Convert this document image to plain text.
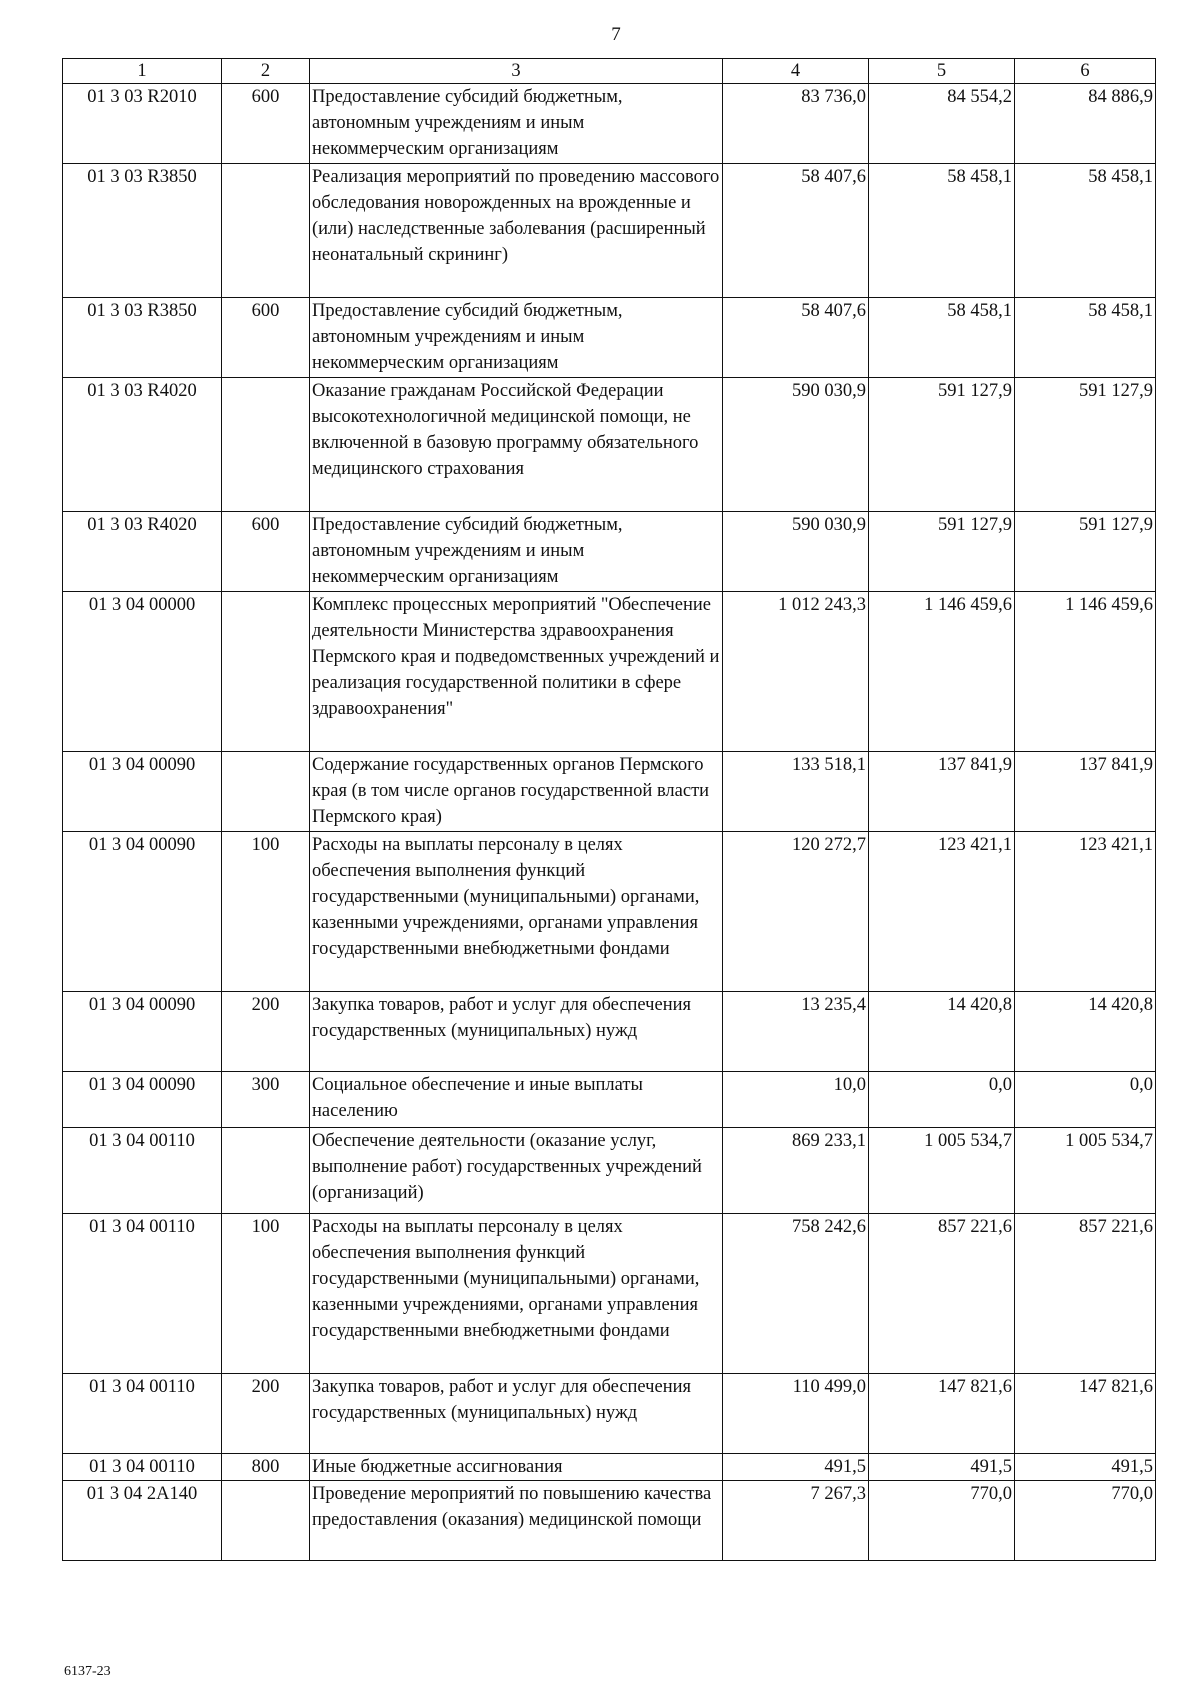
7
1	2	3	4	5	6
01 3 03 R2010	600	Предоставление субсидий бюджетным, автономным учреждениям и иным некоммерческим организациям	83 736,0	84 554,2	84 886,9
01 3 03 R3850		Реализация мероприятий по проведению массового обследования новорожденных на врожденные и (или) наследственные заболевания (расширенный неонатальный скрининг)	58 407,6	58 458,1	58 458,1
01 3 03 R3850	600	Предоставление субсидий бюджетным, автономным учреждениям и иным некоммерческим организациям	58 407,6	58 458,1	58 458,1
01 3 03 R4020		Оказание гражданам Российской Федерации высокотехнологичной медицинской помощи, не включенной в базовую программу обязательного медицинского страхования	590 030,9	591 127,9	591 127,9
01 3 03 R4020	600	Предоставление субсидий бюджетным, автономным учреждениям и иным некоммерческим организациям	590 030,9	591 127,9	591 127,9
01 3 04 00000		Комплекс процессных мероприятий "Обеспечение деятельности Министерства здравоохранения Пермского края и подведомственных учреждений и реализация государственной политики в сфере здравоохранения"	1 012 243,3	1 146 459,6	1 146 459,6
01 3 04 00090		Содержание государственных органов Пермского края (в том числе органов государственной власти Пермского края)	133 518,1	137 841,9	137 841,9
01 3 04 00090	100	Расходы на выплаты персоналу в целях обеспечения выполнения функций государственными (муниципальными) органами, казенными учреждениями, органами управления государственными внебюджетными фондами	120 272,7	123 421,1	123 421,1
01 3 04 00090	200	Закупка товаров, работ и услуг для обеспечения государственных (муниципальных) нужд	13 235,4	14 420,8	14 420,8
01 3 04 00090	300	Социальное обеспечение и иные выплаты населению	10,0	0,0	0,0
01 3 04 00110		Обеспечение деятельности (оказание услуг, выполнение работ) государственных учреждений (организаций)	869 233,1	1 005 534,7	1 005 534,7
01 3 04 00110	100	Расходы на выплаты персоналу в целях обеспечения выполнения функций государственными (муниципальными) органами, казенными учреждениями, органами управления государственными внебюджетными фондами	758 242,6	857 221,6	857 221,6
01 3 04 00110	200	Закупка товаров, работ и услуг для обеспечения государственных (муниципальных) нужд	110 499,0	147 821,6	147 821,6
01 3 04 00110	800	Иные бюджетные ассигнования	491,5	491,5	491,5
01 3 04 2А140		Проведение мероприятий по повышению качества предоставления (оказания) медицинской помощи	7 267,3	770,0	770,0
6137-23
